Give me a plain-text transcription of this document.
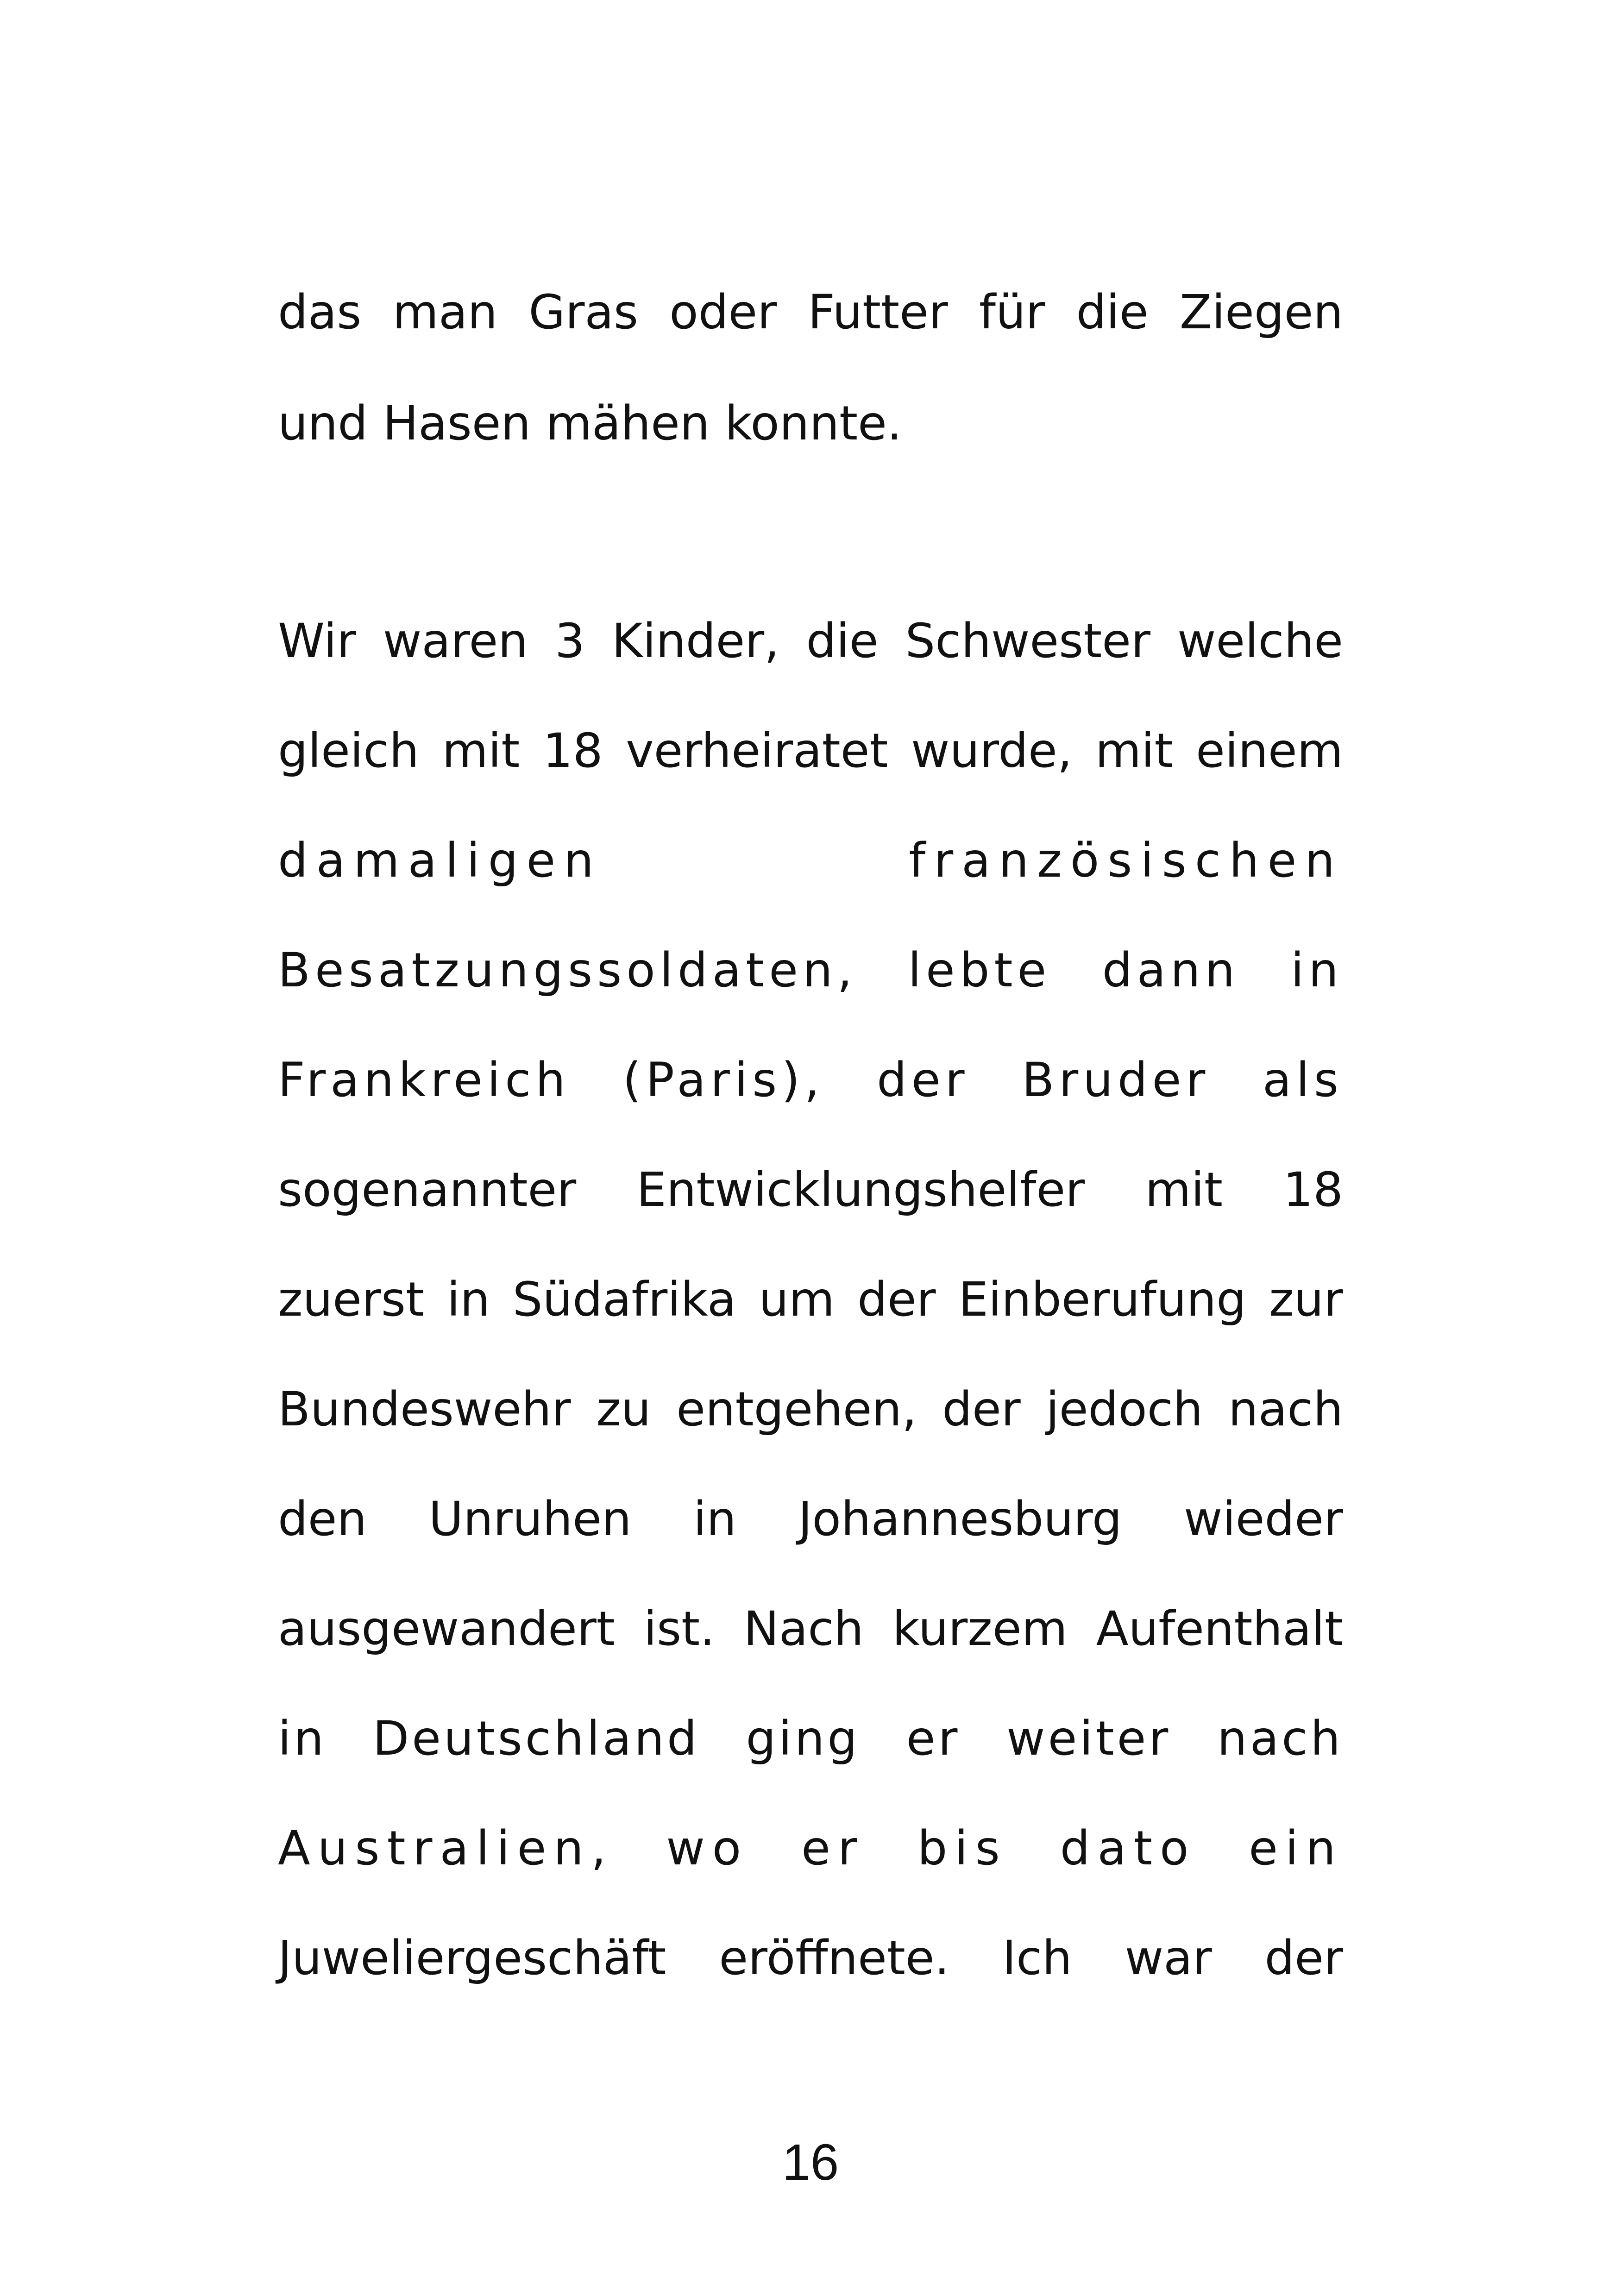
das man Gras oder Futter für die Ziegen
und Hasen mähen konnte.
Wir waren 3 Kinder, die Schwester welche
gleich mit 18 verheiratet wurde, mit einem
damaligen französischen
Besatzungssoldaten, lebte dann in
Frankreich (Paris), der Bruder als
sogenannter Entwicklungshelfer mit 18
zuerst in Südafrika um der Einberufung zur
Bundeswehr zu entgehen, der jedoch nach
den Unruhen in Johannesburg wieder
ausgewandert ist. Nach kurzem Aufenthalt
in Deutschland ging er weiter nach
Australien, wo er bis dato ein
Juweliergeschäft eröffnete. Ich war der
16
